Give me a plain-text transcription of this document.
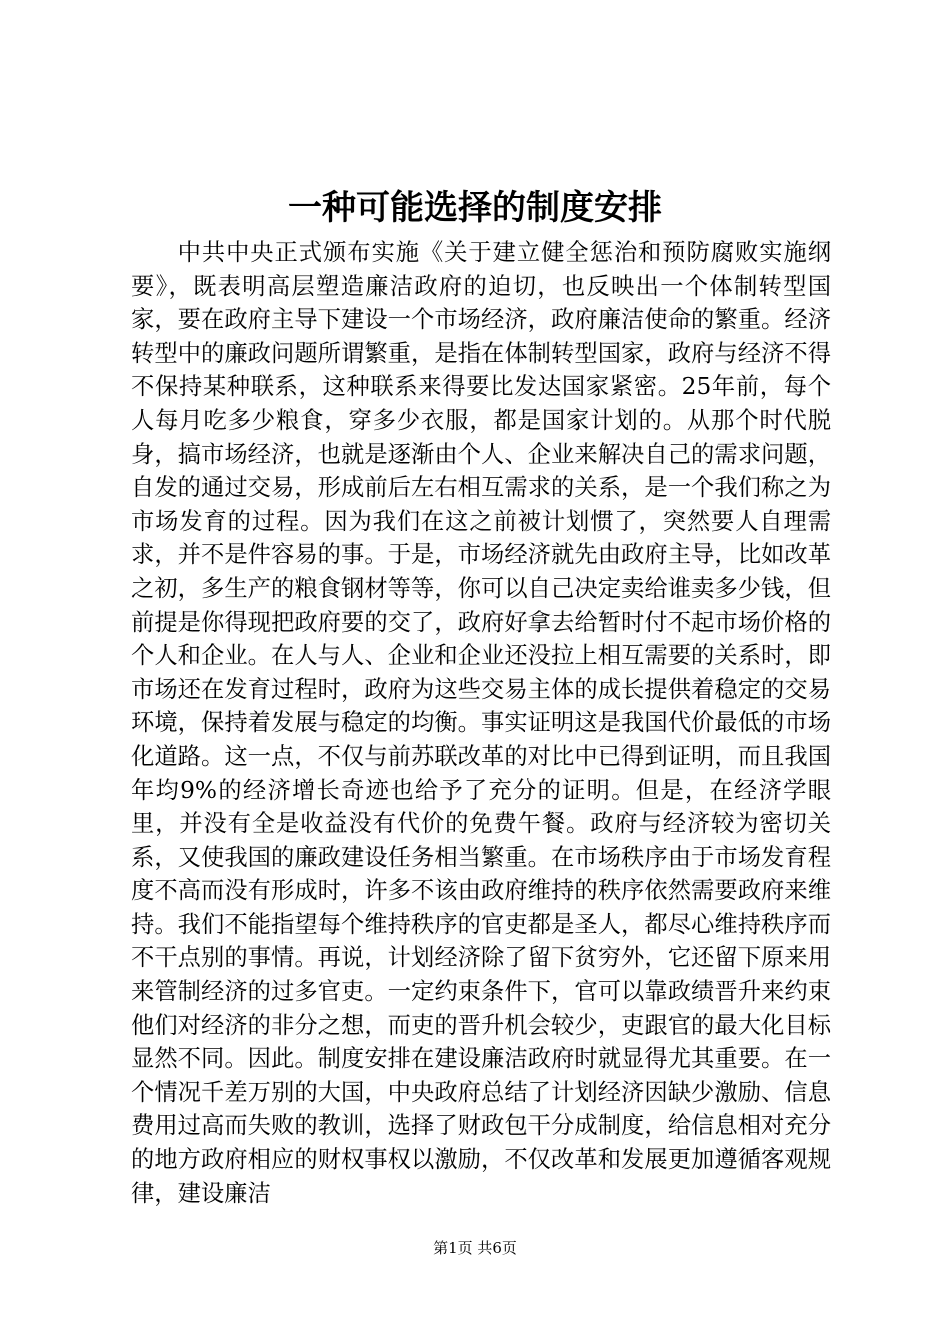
一种可能选择的制度安排

中共中央正式颁布实施《关于建立健全惩治和预防腐败实施纲要》，既表明高层塑造廉洁政府的迫切，也反映出一个体制转型国家，要在政府主导下建设一个市场经济，政府廉洁使命的繁重。经济转型中的廉政问题所谓繁重，是指在体制转型国家，政府与经济不得不保持某种联系，这种联系来得要比发达国家紧密。25年前，每个人每月吃多少粮食，穿多少衣服，都是国家计划的。从那个时代脱身，搞市场经济，也就是逐渐由个人、企业来解决自己的需求问题，自发的通过交易，形成前后左右相互需求的关系，是一个我们称之为市场发育的过程。因为我们在这之前被计划惯了，突然要人自理需求，并不是件容易的事。于是，市场经济就先由政府主导，比如改革之初，多生产的粮食钢材等等，你可以自己决定卖给谁卖多少钱，但前提是你得现把政府要的交了，政府好拿去给暂时付不起市场价格的个人和企业。在人与人、企业和企业还没拉上相互需要的关系时，即市场还在发育过程时，政府为这些交易主体的成长提供着稳定的交易环境，保持着发展与稳定的均衡。事实证明这是我国代价最低的市场化道路。这一点，不仅与前苏联改革的对比中已得到证明，而且我国年均9%的经济增长奇迹也给予了充分的证明。但是，在经济学眼里，并没有全是收益没有代价的免费午餐。政府与经济较为密切关系，又使我国的廉政建设任务相当繁重。在市场秩序由于市场发育程度不高而没有形成时，许多不该由政府维持的秩序依然需要政府来维持。我们不能指望每个维持秩序的官吏都是圣人，都尽心维持秩序而不干点别的事情。再说，计划经济除了留下贫穷外，它还留下原来用来管制经济的过多官吏。一定约束条件下，官可以靠政绩晋升来约束他们对经济的非分之想，而吏的晋升机会较少，吏跟官的最大化目标显然不同。因此。制度安排在建设廉洁政府时就显得尤其重要。在一个情况千差万别的大国，中央政府总结了计划经济因缺少激励、信息费用过高而失败的教训，选择了财政包干分成制度，给信息相对充分的地方政府相应的财权事权以激励，不仅改革和发展更加遵循客观规律，建设廉洁

第1页 共6页
